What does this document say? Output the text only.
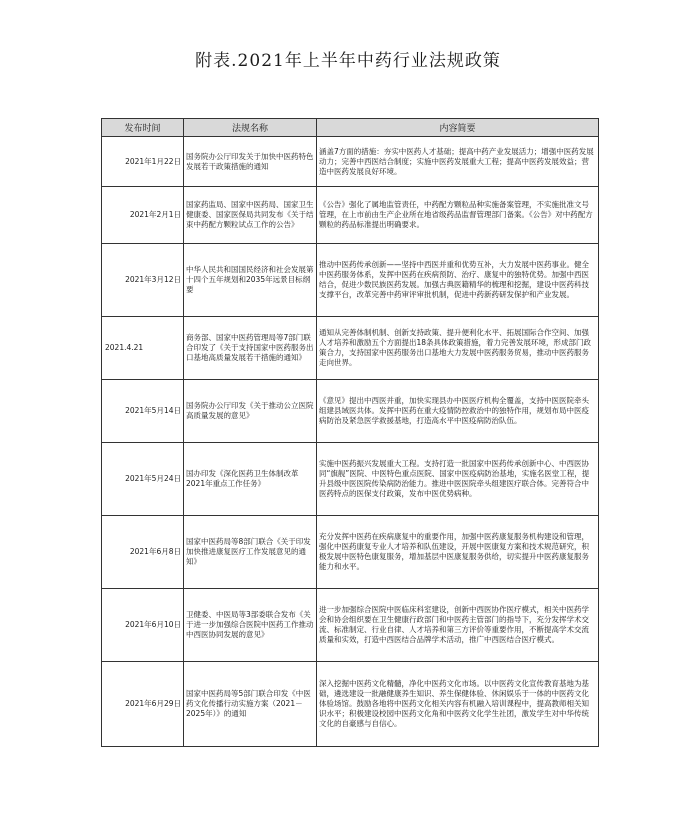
附表.2021年上半年中药行业法规政策
发布时间	法规名称	内容简要
2021年1月22日	国务院办公厅印发关于加快中医药特色发展若干政策措施的通知	涵盖7方面的措施：夯实中医药人才基础；提高中药产业发展活力；增强中医药发展动力；完善中西医结合制度；实施中医药发展重大工程；提高中医药发展效益；营造中医药发展良好环境。
2021年2月1日	国家药监局、国家中医药局、国家卫生健康委、国家医保局共同发布《关于结束中药配方颗粒试点工作的公告》	《公告》强化了属地监管责任，中药配方颗粒品种实施备案管理，不实施批准文号管理，在上市前由生产企业所在地省级药品监督管理部门备案。《公告》对中药配方颗粒的药品标准提出明确要求。
2021年3月12日	中华人民共和国国民经济和社会发展第十四个五年规划和2035年远景目标纲要	推动中医药传承创新——坚持中西医并重和优势互补，大力发展中医药事业。健全中医药服务体系，发挥中医药在疾病预防、治疗、康复中的独特优势。加强中西医结合，促进少数民族医药发展。加强古典医籍精华的梳理和挖掘，建设中医药科技支撑平台，改革完善中药审评审批机制，促进中药新药研发保护和产业发展。
2021.4.21	商务部、国家中医药管理局等7部门联合印发了《关于支持国家中医药服务出口基地高质量发展若干措施的通知》	通知从完善体制机制、创新支持政策、提升便利化水平、拓展国际合作空间、加强人才培养和激励五个方面提出18条具体政策措施，着力完善发展环境，形成部门政策合力，支持国家中医药服务出口基地大力发展中医药服务贸易，推动中医药服务走向世界。
2021年5月14日	国务院办公厅印发《关于推动公立医院高质量发展的意见》	《意见》提出中西医并重，加快实现县办中医医疗机构全覆盖，支持中医医院牵头组建县域医共体。发挥中医药在重大疫情防控救治中的独特作用，规划布局中医疫病防治及紧急医学救援基地，打造高水平中医疫病防治队伍。
2021年5月24日	国办印发《深化医药卫生体制改革2021年重点工作任务》	实施中医药振兴发展重大工程。支持打造一批国家中医药传承创新中心、中西医协同“旗舰”医院、中医特色重点医院、国家中医疫病防治基地，实施名医堂工程，提升县级中医医院传染病防治能力。推进中医医院牵头组建医疗联合体。完善符合中医药特点的医保支付政策，发布中医优势病种。
2021年6月8日	国家中医药局等8部门联合《关于印发加快推进康复医疗工作发展意见的通知》	充分发挥中医药在疾病康复中的重要作用，加强中医药康复服务机构建设和管理，强化中医药康复专业人才培养和队伍建设，开展中医康复方案和技术规范研究，积极发展中医特色康复服务，增加基层中医康复服务供给，切实提升中医药康复服务能力和水平。
2021年6月10日	卫健委、中医局等3部委联合发布《关于进一步加强综合医院中医药工作推动中西医协同发展的意见》	进一步加强综合医院中医临床科室建设，创新中西医协作医疗模式，相关中医药学会和协会组织要在卫生健康行政部门和中医药主管部门的指导下，充分发挥学术交流、标准制定、行业自律、人才培养和第三方评价等重要作用，不断提高学术交流质量和实效，打造中西医结合品牌学术活动，推广中西医结合医疗模式。
2021年6月29日	国家中医药局等5部门联合印发《中医药文化传播行动实施方案（2021－2025年）》的通知	深入挖掘中医药文化精髓，净化中医药文化市场。以中医药文化宣传教育基地为基础，遴选建设一批融健康养生知识、养生保健体验、休闲娱乐于一体的中医药文化体验场馆。鼓励各地将中医药文化相关内容有机融入培训课程中，提高教师相关知识水平；积极建设校园中医药文化角和中医药文化学生社团，激发学生对中华传统文化的自豪感与自信心。
